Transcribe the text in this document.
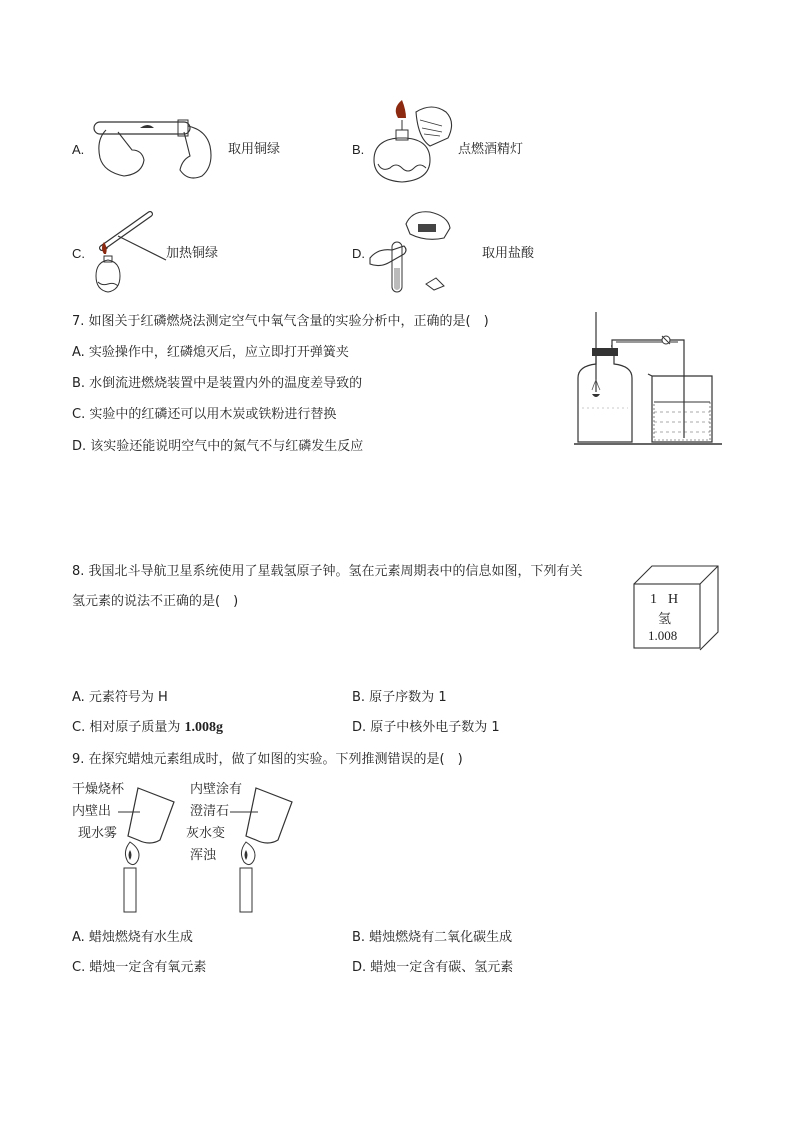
A.	取用铜绿	B.	点燃酒精灯
C.	加热铜绿	D.	取用盐酸
7. 如图关于红磷燃烧法测定空气中氧气含量的实验分析中，正确的是(　)
A. 实验操作中，红磷熄灭后，应立即打开弹簧夹
B. 水倒流进燃烧装置中是装置内外的温度差导致的
C. 实验中的红磷还可以用木炭或铁粉进行替换
D. 该实验还能说明空气中的氮气不与红磷发生反应
8. 我国北斗导航卫星系统使用了星载氢原子钟。氢在元素周期表中的信息如图，下列有关
氢元素的说法不正确的是(　)	1 H
氢
1.008
A. 元素符号为 H	B. 原子序数为 1
C. 相对原子质量为 1.008g	D. 原子中核外电子数为 1
9. 在探究蜡烛元素组成时，做了如图的实验。下列推测错误的是(　)
干燥烧杯
内壁出
现水雾
内壁涂有
澄清石
灰水变
浑浊
A. 蜡烛燃烧有水生成	B. 蜡烛燃烧有二氧化碳生成
C. 蜡烛一定含有氧元素	D. 蜡烛一定含有碳、氢元素
